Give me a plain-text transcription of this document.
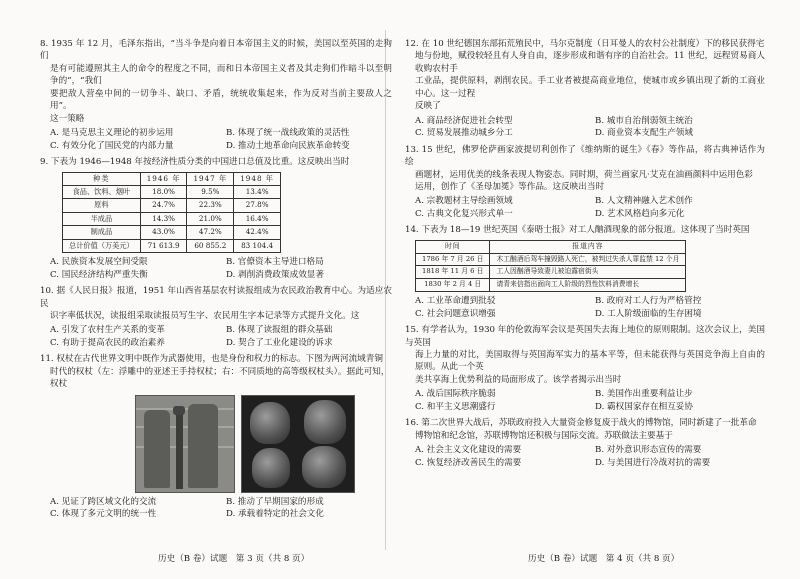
8. 1935 年 12 月，毛泽东指出，“当斗争是向着日本帝国主义的时候，美国以至英国的走狗们

是有可能遵照其主人的命令的程度之不同，而和日本帝国主义者及其走狗们作暗斗以至明争的”，“我们

要把敌人营垒中间的一切争斗、缺口、矛盾，统统收集起来，作为反对当前主要敌人之用”。

这一策略

A. 是马克思主义理论的初步运用	B. 体现了统一战线政策的灵活性
C. 有效分化了国民党的内部力量	D. 推动土地革命向民族革命转变

9. 下表为 1946—1948 年按经济性质分类的中国进口总值及比重。这反映出当时

种类	1946 年	1947 年	1948 年
食品、饮料、烟叶	18.0%	9.5%	13.4%
原料	24.7%	22.3%	27.8%
半成品	14.3%	21.0%	16.4%
制成品	43.0%	47.2%	42.4%
总计价值（万美元）	71 613.9	60 855.2	83 104.4
A. 民族资本发展空间受限	B. 官僚资本主导进口格局
C. 国民经济结构严重失衡	D. 剥削消费政策成效显著

10. 据《人民日报》报道，1951 年山西省基层农村读报组成为农民政治教育中心。为适应农民

识字率低状况，读报组采取读报员写生字、农民用生字本记录等方式提升文化。这

A. 引发了农村生产关系的变革	B. 体现了读报组的群众基础
C. 有助于提高农民的政治素养	D. 契合了工业化建设的诉求

11. 权杖在古代世界文明中既作为武器使用，也是身份和权力的标志。下图为两河流域青铜

时代的权杖（左：浮雕中的亚述王手持权杖；右：不同质地的高等级权杖头）。据此可知，

权杖

A. 见证了跨区域文化的交流	B. 推动了早期国家的形成
C. 体现了多元文明的统一性	D. 承载着特定的社会文化

12. 在 10 世纪德国东部拓荒殖民中，马尔克制度（日耳曼人的农村公社制度）下的移民获得宅

地与份地，赋役较轻且有人身自由，逐步形成和谐有序的自治社会。11 世纪，远程贸易商人收购农村手

工业品，提供原料，剥削农民。手工业者被提高商业地位，使城市或乡镇出现了新的工商业中心。这一过程

反映了

A. 商品经济促进社会转型	B. 城市自治削弱领主统治
C. 贸易发展推动城乡分工	D. 商业资本支配生产领域

13. 15 世纪，佛罗伦萨画家波提切利创作了《维纳斯的诞生》《春》等作品，将古典神话作为绘

画题材，运用优美的线条表现人物姿态。同时期，荷兰画家凡·艾克在油画颜料中运用色彩

运用，创作了《圣母加冕》等作品。这反映出当时

A. 宗教题材主导绘画领域	B. 人文精神融入艺术创作
C. 古典文化复兴形式单一	D. 艺术风格趋向多元化

14. 下表为 18—19 世纪英国《泰晤士报》对工人酗酒现象的部分报道。这体现了当时英国

时间	报道内容
1786 年 7 月 26 日	木工酗酒后驾车撞毁路人死亡，被判过失杀人罪监禁 12 个月
1818 年 11 月 6 日	工人因酗酒导致妻儿被迫露宿街头
1830 年 2 月 4 日	请青来信指出面向工人阶级的烈性饮料消费增长
A. 工业革命遭到批驳	B. 政府对工人行为严格管控
C. 社会问题意识增强	D. 工人阶级面临的生存困境

15. 有学者认为，1930 年的伦敦海军会议是英国失去海上地位的原则限制。这次会议上，美国与英国

海上力量的对比，美国取得与英国海军实力的基本平等，但未能获得与英国竞争海上自由的原则。从此一个英

美共享海上优势利益的局面形成了。该学者揭示出当时

A. 战后国际秩序脆弱	B. 美国作出重要利益让步
C. 和平主义思潮盛行	D. 霸权国家存在相互妥协

16. 第二次世界大战后，苏联政府投入大量资金修复废于战火的博物馆，同时新建了一批革命

博物馆和纪念馆，苏联博物馆还积极与国际交流。苏联做法主要基于

A. 社会主义文化建设的需要	B. 对外意识形态宣传的需要
C. 恢复经济改善民生的需要	D. 与美国进行冷战对抗的需要
历史（B 卷）试题　第 3 页（共 8 页）	历史（B 卷）试题　第 4 页（共 8 页）
